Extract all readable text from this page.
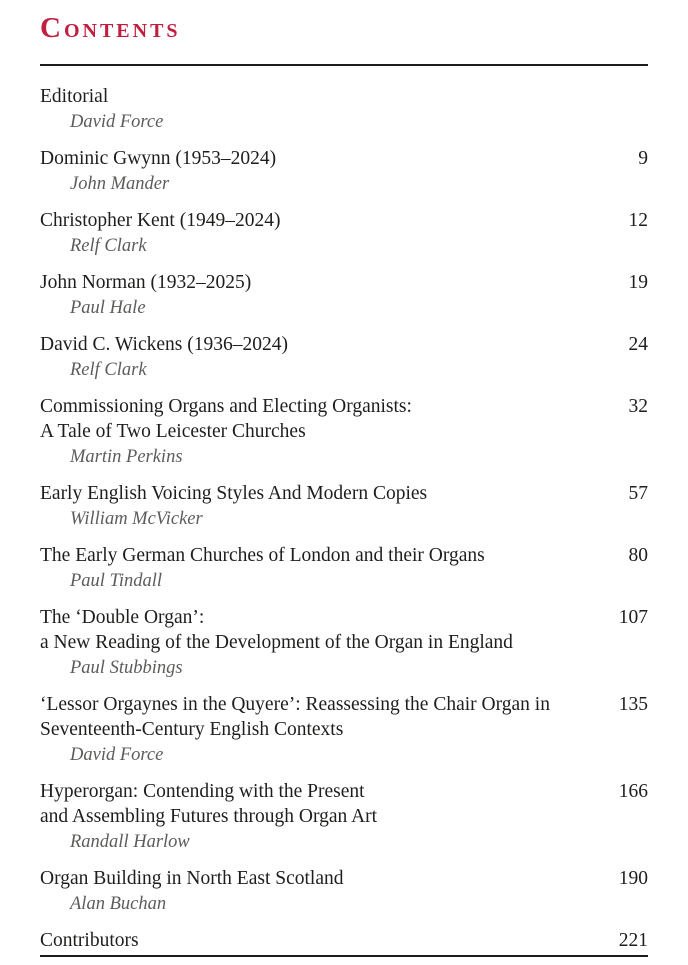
Contents
Editorial
David Force
Dominic Gwynn (1953–2024)
John Mander
9
Christopher Kent (1949–2024)
Relf Clark
12
John Norman (1932–2025)
Paul Hale
19
David C. Wickens (1936–2024)
Relf Clark
24
Commissioning Organs and Electing Organists:
A Tale of Two Leicester Churches
Martin Perkins
32
Early English Voicing Styles And Modern Copies
William McVicker
57
The Early German Churches of London and their Organs
Paul Tindall
80
The ‘Double Organ’:
a New Reading of the Development of the Organ in England
Paul Stubbings
107
‘Lessor Orgaynes in the Quyere’: Reassessing the Chair Organ in
Seventeenth-Century English Contexts
David Force
135
Hyperorgan: Contending with the Present
and Assembling Futures through Organ Art
Randall Harlow
166
Organ Building in North East Scotland
Alan Buchan
190
Contributors	221
